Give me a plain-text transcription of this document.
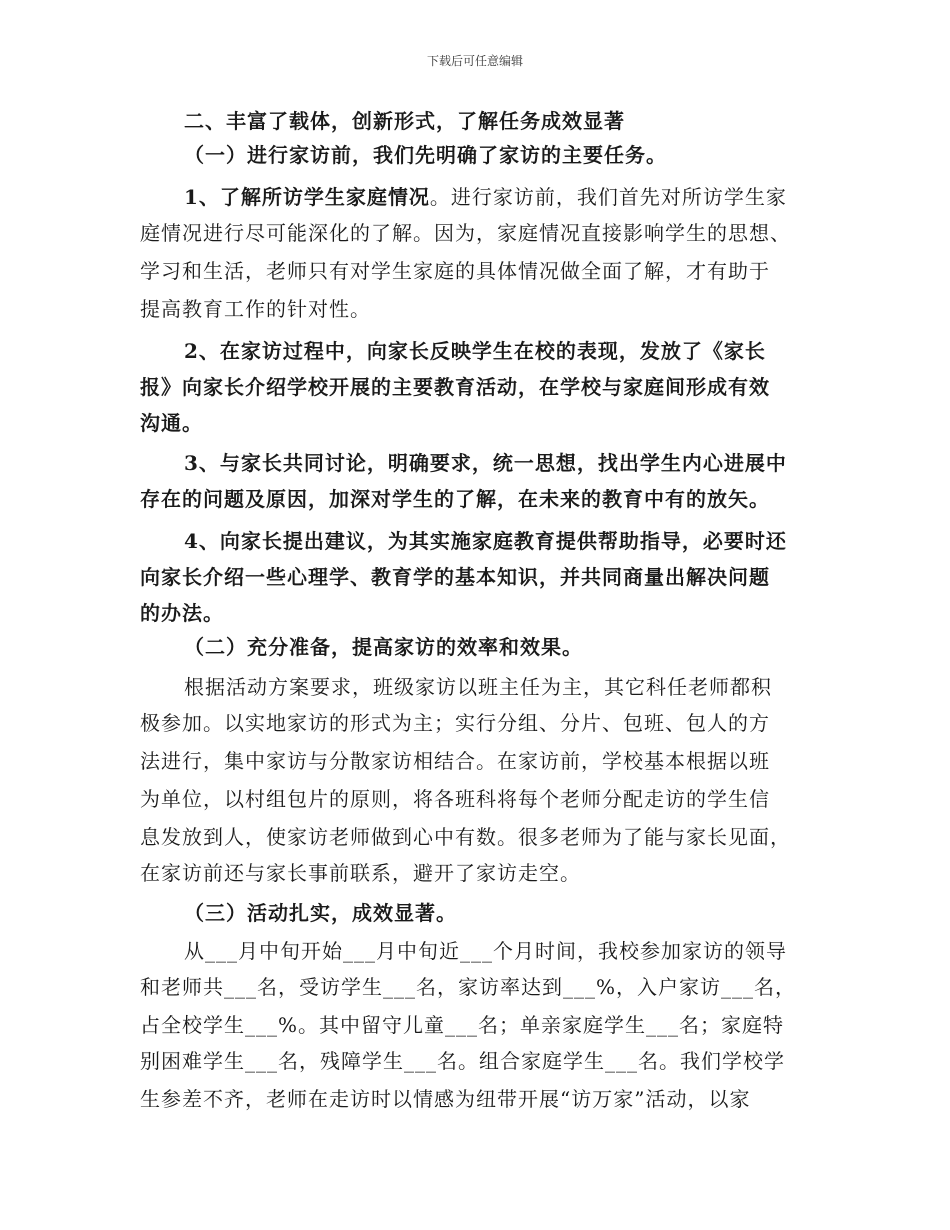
下载后可任意编辑
二、丰富了载体，创新形式，了解任务成效显著
（一）进行家访前，我们先明确了家访的主要任务。
1、了解所访学生家庭情况。进行家访前，我们首先对所访学生家
庭情况进行尽可能深化的了解。因为，家庭情况直接影响学生的思想、
学习和生活，老师只有对学生家庭的具体情况做全面了解，才有助于
提高教育工作的针对性。
2、在家访过程中，向家长反映学生在校的表现，发放了《家长
报》向家长介绍学校开展的主要教育活动，在学校与家庭间形成有效
沟通。
3、与家长共同讨论，明确要求，统一思想，找出学生内心进展中
存在的问题及原因，加深对学生的了解，在未来的教育中有的放矢。
4、向家长提出建议，为其实施家庭教育提供帮助指导，必要时还
向家长介绍一些心理学、教育学的基本知识，并共同商量出解决问题
的办法。
（二）充分准备，提高家访的效率和效果。
根据活动方案要求，班级家访以班主任为主，其它科任老师都积
极参加。以实地家访的形式为主；实行分组、分片、包班、包人的方
法进行，集中家访与分散家访相结合。在家访前，学校基本根据以班
为单位，以村组包片的原则，将各班科将每个老师分配走访的学生信
息发放到人，使家访老师做到心中有数。很多老师为了能与家长见面，
在家访前还与家长事前联系，避开了家访走空。
（三）活动扎实，成效显著。
从___月中旬开始___月中旬近___个月时间，我校参加家访的领导
和老师共___名，受访学生___名，家访率达到___%，入户家访___名，
占全校学生___%。其中留守儿童___名；单亲家庭学生___名；家庭特
别困难学生___名，残障学生___名。组合家庭学生___名。我们学校学
生参差不齐，老师在走访时以情感为纽带开展“访万家”活动，以家
